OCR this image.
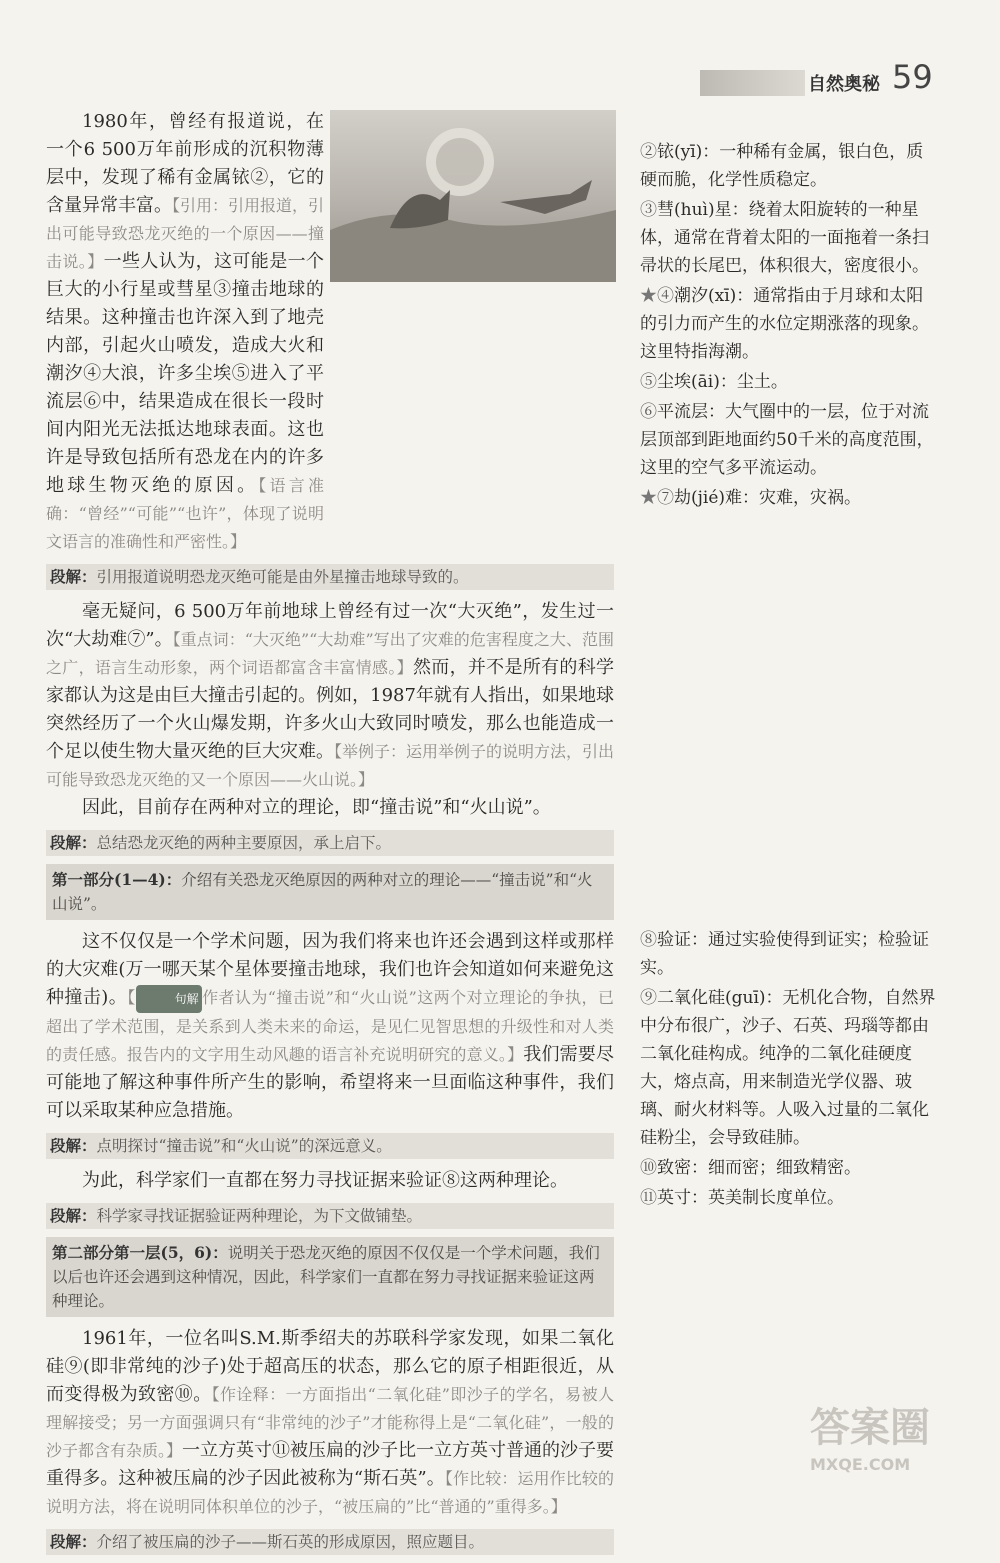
自然奥秘 59

1980年，曾经有报道说，在一个6 500万年前形成的沉积物薄层中，发现了稀有金属铱②，它的含量异常丰富。【引用：引用报道，引出可能导致恐龙灭绝的一个原因——撞击说。】一些人认为，这可能是一个巨大的小行星或彗星③撞击地球的结果。这种撞击也许深入到了地壳内部，引起火山喷发，造成大火和潮汐④大浪，许多尘埃⑤进入了平流层⑥中，结果造成在很长一段时间内阳光无法抵达地球表面。这也许是导致包括所有恐龙在内的许多地球生物灭绝的原因。【语言准确：“曾经”“可能”“也许”，体现了说明文语言的准确性和严密性。】

段解：引用报道说明恐龙灭绝可能是由外星撞击地球导致的。

毫无疑问，6 500万年前地球上曾经有过一次“大灭绝”，发生过一次“大劫难⑦”。【重点词：“大灭绝”“大劫难”写出了灾难的危害程度之大、范围之广，语言生动形象，两个词语都富含丰富情感。】然而，并不是所有的科学家都认为这是由巨大撞击引起的。例如，1987年就有人指出，如果地球突然经历了一个火山爆发期，许多火山大致同时喷发，那么也能造成一个足以使生物大量灭绝的巨大灾难。【举例子：运用举例子的说明方法，引出可能导致恐龙灭绝的又一个原因——火山说。】

因此，目前存在两种对立的理论，即“撞击说”和“火山说”。

段解：总结恐龙灭绝的两种主要原因，承上启下。
第一部分(1—4)：介绍有关恐龙灭绝原因的两种对立的理论——“撞击说”和“火山说”。

这不仅仅是一个学术问题，因为我们将来也许还会遇到这样或那样的大灾难(万一哪天某个星体要撞击地球，我们也许会知道如何来避免这种撞击)。【	句解 作者认为“撞击说”和“火山说”这两个对立理论的争执，已超出了学术范围，是关系到人类未来的命运，是见仁见智思想的升级性和对人类的责任感。报告内的文字用生动风趣的语言补充说明研究的意义。】我们需要尽可能地了解这种事件所产生的影响，希望将来一旦面临这种事件，我们可以采取某种应急措施。

段解：点明探讨“撞击说”和“火山说”的深远意义。

为此，科学家们一直都在努力寻找证据来验证⑧这两种理论。

段解：科学家寻找证据验证两种理论，为下文做铺垫。
第二部分第一层(5，6)：说明关于恐龙灭绝的原因不仅仅是一个学术问题，我们以后也许还会遇到这种情况，因此，科学家们一直都在努力寻找证据来验证这两种理论。

1961年，一位名叫S.M.斯季绍夫的苏联科学家发现，如果二氧化硅⑨(即非常纯的沙子)处于超高压的状态，那么它的原子相距很近，从而变得极为致密⑩。【作诠释：一方面指出“二氧化硅”即沙子的学名，易被人理解接受；另一方面强调只有“非常纯的沙子”才能称得上是“二氧化硅”，一般的沙子都含有杂质。】一立方英寸⑪被压扁的沙子比一立方英寸普通的沙子要重得多。这种被压扁的沙子因此被称为“斯石英”。【作比较：运用作比较的说明方法，将在说明同体积单位的沙子，“被压扁的”比“普通的”重得多。】

段解：介绍了被压扁的沙子——斯石英的形成原因，照应题目。
②铱(yī)：一种稀有金属，银白色，质硬而脆，化学性质稳定。
③彗(huì)星：绕着太阳旋转的一种星体，通常在背着太阳的一面拖着一条扫帚状的长尾巴，体积很大，密度很小。
★④潮汐(xī)：通常指由于月球和太阳的引力而产生的水位定期涨落的现象。这里特指海潮。
⑤尘埃(āi)：尘土。
⑥平流层：大气圈中的一层，位于对流层顶部到距地面约50千米的高度范围，这里的空气多平流运动。
★⑦劫(jié)难：灾难，灾祸。
⑧验证：通过实验使得到证实；检验证实。
⑨二氧化硅(guī)：无机化合物，自然界中分布很广，沙子、石英、玛瑙等都由二氧化硅构成。纯净的二氧化硅硬度大，熔点高，用来制造光学仪器、玻璃、耐火材料等。人吸入过量的二氧化硅粉尘，会导致硅肺。
⑩致密：细而密；细致精密。
⑪英寸：英美制长度单位。
答案圈
MXQE.COM
